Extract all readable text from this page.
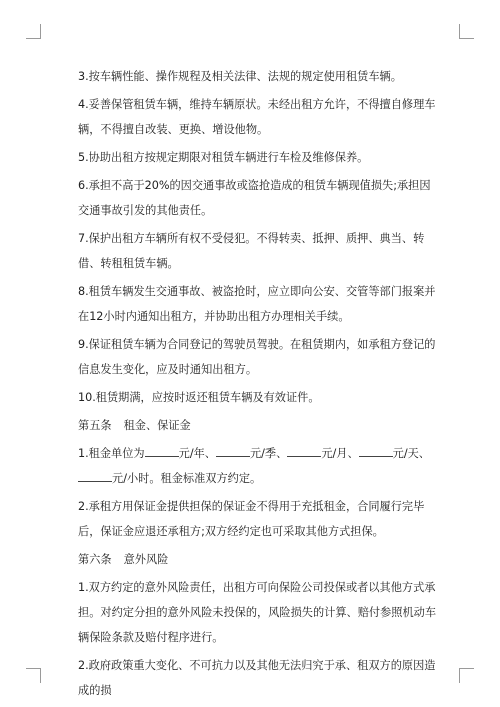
3.按车辆性能、操作规程及相关法律、法规的规定使用租赁车辆。
4.妥善保管租赁车辆，维持车辆原状。未经出租方允许，不得擅自修理车辆，不得擅自改装、更换、增设他物。
5.协助出租方按规定期限对租赁车辆进行车检及维修保养。
6.承担不高于20%的因交通事故或盗抢造成的租赁车辆现值损失;承担因交通事故引发的其他责任。
7.保护出租方车辆所有权不受侵犯。不得转卖、抵押、质押、典当、转借、转租租赁车辆。
8.租赁车辆发生交通事故、被盗抢时，应立即向公安、交管等部门报案并在12小时内通知出租方，并协助出租方办理相关手续。
9.保证租赁车辆为合同登记的驾驶员驾驶。在租赁期内，如承租方登记的信息发生变化，应及时通知出租方。
10.租赁期满，应按时返还租赁车辆及有效证件。
第五条 租金、保证金
1.租金单位为	元/年、	元/季、	元/月、	元/天、元/小时。租金标准双方约定。
2.承租方用保证金提供担保的保证金不得用于充抵租金，合同履行完毕后，保证金应退还承租方;双方经约定也可采取其他方式担保。
第六条 意外风险
1.双方约定的意外风险责任，出租方可向保险公司投保或者以其他方式承担。对约定分担的意外风险未投保的，风险损失的计算、赔付参照机动车辆保险条款及赔付程序进行。
2.政府政策重大变化、不可抗力以及其他无法归究于承、租双方的原因造成的损
